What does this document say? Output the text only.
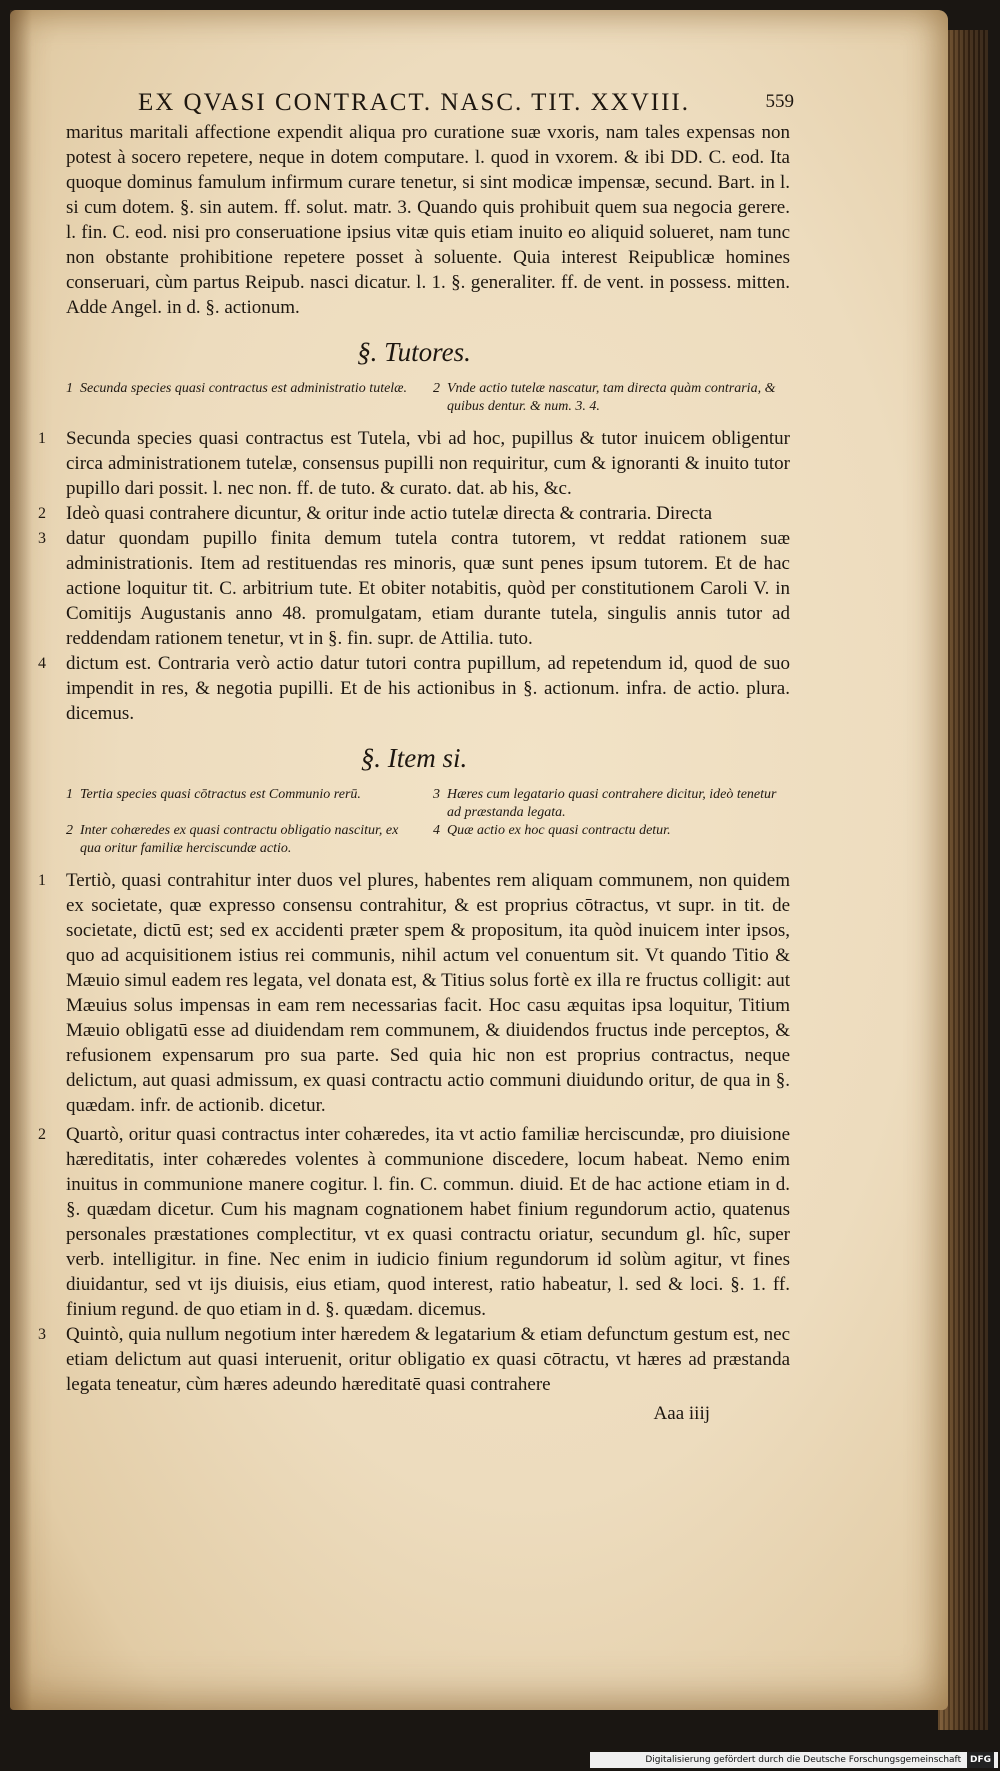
EX QVASI CONTRACT. NASC. TIT. XXVIII.	559

maritus maritali affectione expendit aliqua pro curatione suæ vxoris, nam tales expensas non potest à socero repetere, neque in dotem computare. l. quod in vxorem. & ibi DD. C. eod. Ita quoque dominus famulum infirmum curare tenetur, si sint modicæ impensæ, secund. Bart. in l. si cum dotem. §. sin autem. ff. solut. matr. 3. Quando quis prohibuit quem sua negocia gerere. l. fin. C. eod. nisi pro conseruatione ipsius vitæ quis etiam inuito eo aliquid solueret, nam tunc non obstante prohibitione repetere posset à soluente. Quia interest Reipublicæ homines conseruari, cùm partus Reipub. nasci dicatur. l. 1. §. generaliter. ff. de vent. in possess. mitten. Adde Angel. in d. §. actionum.

§. Tutores.
1 Secunda species quasi contractus est administratio tutelæ.	2 Vnde actio tutelæ nascatur, tam directa quàm contraria, & quibus dentur. & num. 3. 4.

1	Secunda species quasi contractus est Tutela, vbi ad hoc, pupillus & tutor inuicem obligentur circa administrationem tutelæ, consensus pupilli non requiritur, cum & ignoranti & inuito tutor pupillo dari possit. l. nec non. ff. de tuto. & curato. dat. ab his, &c.

2	Ideò quasi contrahere dicuntur, & oritur inde actio tutelæ directa & contraria. Directa

3	datur quondam pupillo finita demum tutela contra tutorem, vt reddat rationem suæ administrationis. Item ad restituendas res minoris, quæ sunt penes ipsum tutorem. Et de hac actione loquitur tit. C. arbitrium tute. Et obiter notabitis, quòd per constitutionem Caroli V. in Comitijs Augustanis anno 48. promulgatam, etiam durante tutela, singulis annis tutor ad reddendam rationem tenetur, vt in §. fin. supr. de Attilia. tuto.

4	dictum est. Contraria verò actio datur tutori contra pupillum, ad repetendum id, quod de suo impendit in res, & negotia pupilli. Et de his actionibus in §. actionum. infra. de actio. plura. dicemus.

§. Item si.
1 Tertia species quasi cōtractus est Communio rerū.	3 Hæres cum legatario quasi contrahere dicitur, ideò tenetur ad præstanda legata.
2 Inter cohæredes ex quasi contractu obligatio nascitur, ex qua oritur familiæ herciscundæ actio.
4 Quæ actio ex hoc quasi contractu detur.

1	Tertiò, quasi contrahitur inter duos vel plures, habentes rem aliquam communem, non quidem ex societate, quæ expresso consensu contrahitur, & est proprius cōtractus, vt supr. in tit. de societate, dictū est; sed ex accidenti præter spem & propositum, ita quòd inuicem inter ipsos, quo ad acquisitionem istius rei communis, nihil actum vel conuentum sit. Vt quando Titio & Mæuio simul eadem res legata, vel donata est, & Titius solus fortè ex illa re fructus colligit: aut Mæuius solus impensas in eam rem necessarias facit. Hoc casu æquitas ipsa loquitur, Titium Mæuio obligatū esse ad diuidendam rem communem, & diuidendos fructus inde perceptos, & refusionem expensarum pro sua parte. Sed quia hic non est proprius contractus, neque delictum, aut quasi admissum, ex quasi contractu actio communi diuidundo oritur, de qua in §. quædam. infr. de actionib. dicetur.

2	Quartò, oritur quasi contractus inter cohæredes, ita vt actio familiæ herciscundæ, pro diuisione hæreditatis, inter cohæredes volentes à communione discedere, locum habeat. Nemo enim inuitus in communione manere cogitur. l. fin. C. commun. diuid. Et de hac actione etiam in d. §. quædam dicetur. Cum his magnam cognationem habet finium regundorum actio, quatenus personales præstationes complectitur, vt ex quasi contractu oriatur, secundum gl. hîc, super verb. intelligitur. in fine. Nec enim in iudicio finium regundorum id solùm agitur, vt fines diuidantur, sed vt ijs diuisis, eius etiam, quod interest, ratio habeatur, l. sed & loci. §. 1. ff. finium regund. de quo etiam in d. §. quædam. dicemus.

3	Quintò, quia nullum negotium inter hæredem & legatarium & etiam defunctum gestum est, nec etiam delictum aut quasi interuenit, oritur obligatio ex quasi cōtractu, vt hæres ad præstanda legata teneatur, cùm hæres adeundo hæreditatē quasi contrahere

Aaa iiij
Digitalisierung gefördert durch die Deutsche Forschungsgemeinschaft DFG
